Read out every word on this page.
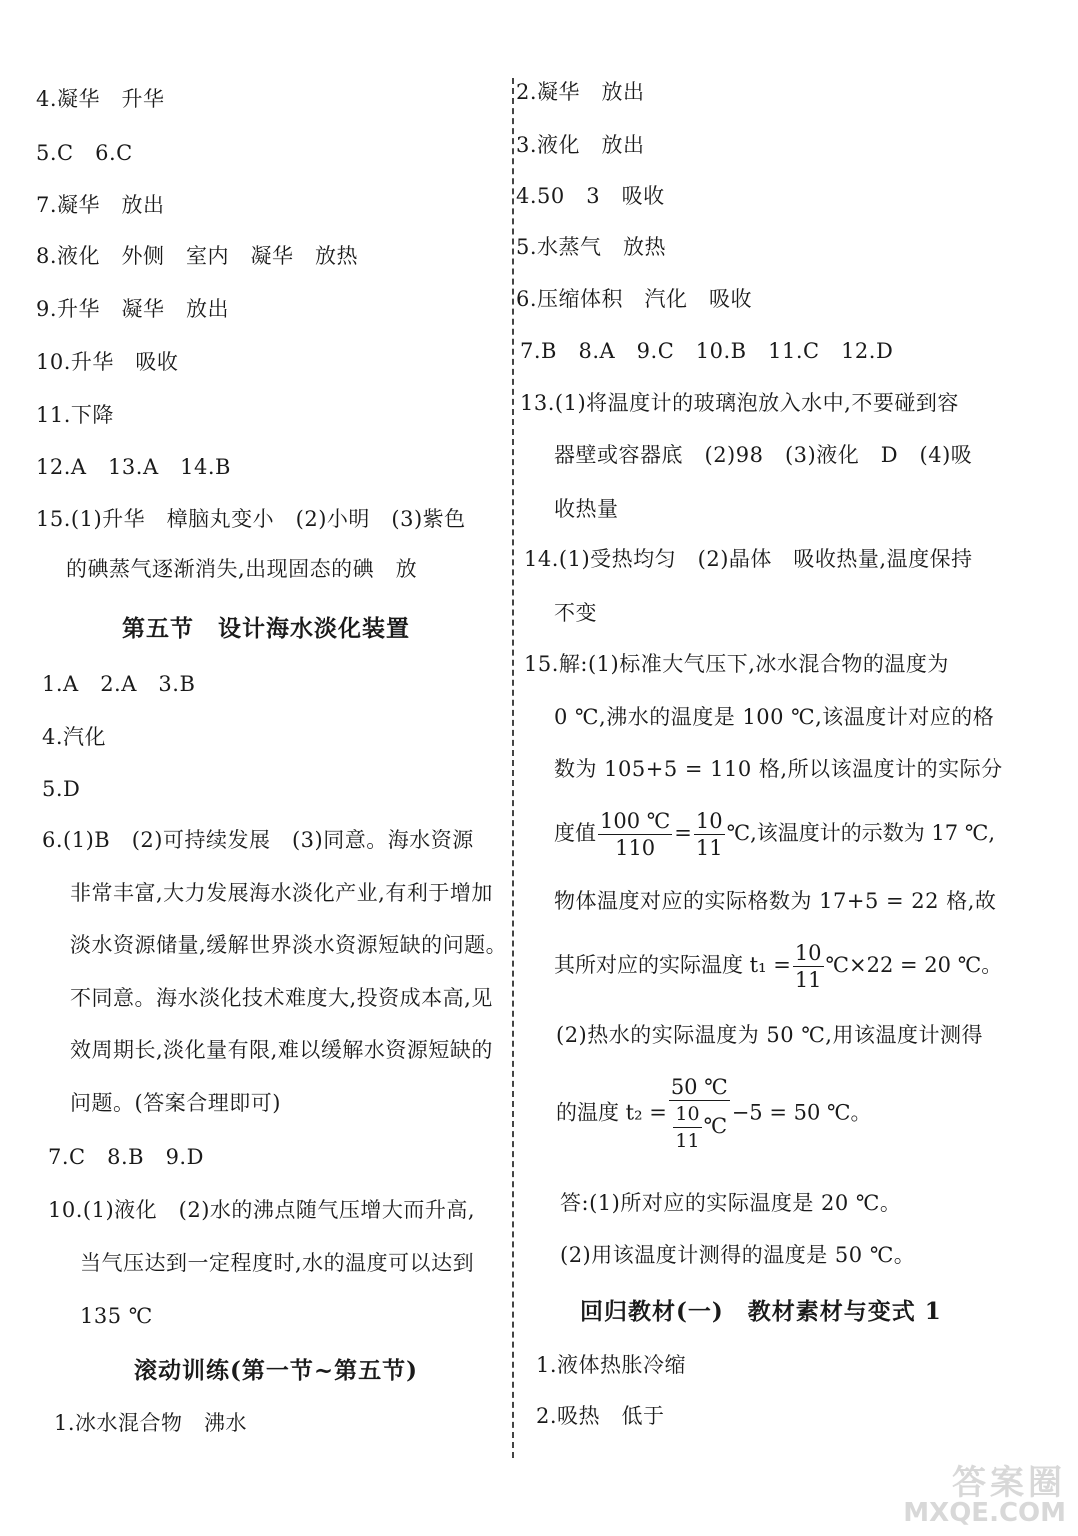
4.凝华　升华
5.C　6.C
7.凝华　放出
8.液化　外侧　室内　凝华　放热
9.升华　凝华　放出
10.升华　吸收
11.下降
12.A　13.A　14.B
15.(1)升华　樟脑丸变小　(2)小明　(3)紫色
的碘蒸气逐渐消失,出现固态的碘　放
第五节　设计海水淡化装置
1.A　2.A　3.B
4.汽化
5.D
6.(1)B　(2)可持续发展　(3)同意。海水资源
非常丰富,大力发展海水淡化产业,有利于增加
淡水资源储量,缓解世界淡水资源短缺的问题。
不同意。海水淡化技术难度大,投资成本高,见
效周期长,淡化量有限,难以缓解水资源短缺的
问题。(答案合理即可)
7.C　8.B　9.D
10.(1)液化　(2)水的沸点随气压增大而升高,
当气压达到一定程度时,水的温度可以达到
135 ℃
滚动训练(第一节~第五节)
1.冰水混合物　沸水
2.凝华　放出
3.液化　放出
4.50　3　吸收
5.水蒸气　放热
6.压缩体积　汽化　吸收
7.B　8.A　9.C　10.B　11.C　12.D
13.(1)将温度计的玻璃泡放入水中,不要碰到容
器壁或容器底　(2)98　(3)液化　D　(4)吸
收热量
14.(1)受热均匀　(2)晶体　吸收热量,温度保持
不变
15.解:(1)标准大气压下,冰水混合物的温度为
0 ℃,沸水的温度是 100 ℃,该温度计对应的格
数为 105+5 = 110 格,所以该温度计的实际分
度值 $\frac{100 ℃}{110} = \frac{10}{11}$ ℃,该温度计的示数为 17 ℃,
物体温度对应的实际格数为 17+5 = 22 格,故
其所对应的实际温度 $t_1 = \frac{10}{11}$ ℃×22 = 20 ℃。
(2)热水的实际温度为 50 ℃,用该温度计测得
的温度 $t_2 = \frac{50 ℃}{\frac{10}{11} ℃} -5 = 50$ ℃。
答:(1)所对应的实际温度是 20 ℃。
(2)用该温度计测得的温度是 50 ℃。
回归教材(一)　教材素材与变式 1
1.液体热胀冷缩
2.吸热　低于
答案圈
MXQE.COM
